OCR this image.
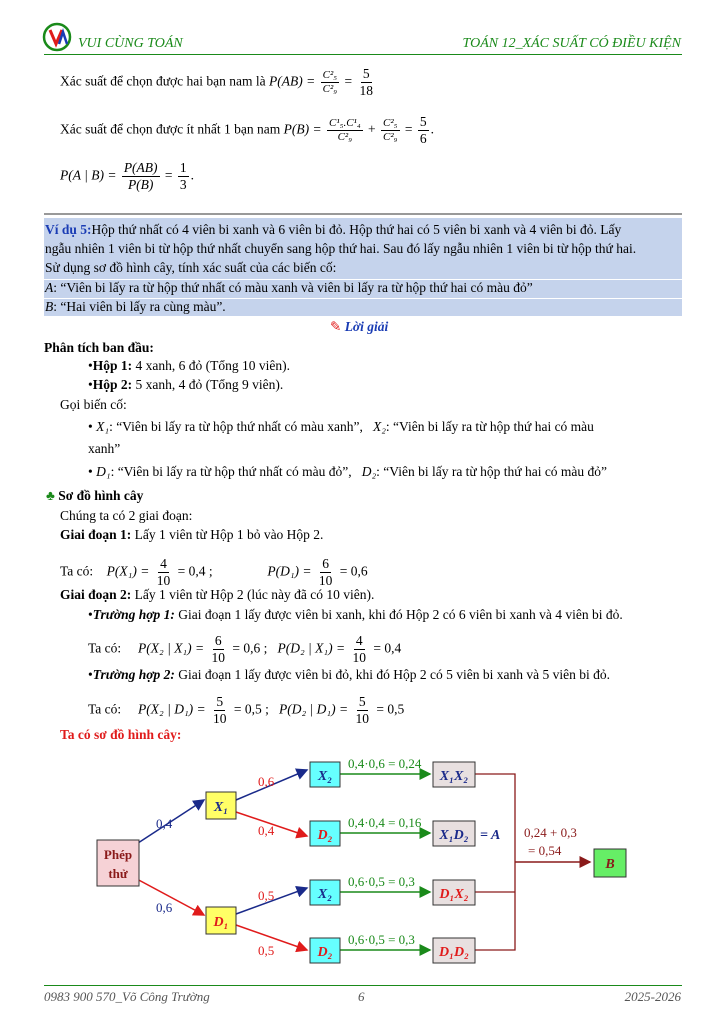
VUI CÙNG TOÁN	TOÁN 12_XÁC SUẤT CÓ ĐIỀU KIỆN
Xác suất để chọn được hai bạn nam là $P(AB) = \frac{\text{C²₅}}{\text{C²₉}} = \frac{5}{18}$
Xác suất để chọn được ít nhất 1 bạn nam $P(B) = \frac{\text{C¹₅.C¹₄}}{\text{C²₉}} + \frac{\text{C²₅}}{\text{C²₉}} = \frac{5}{6}$ .
P(A | $B) = \frac{P(AB)}{P(B)} = \frac{1}{3}$ .
Ví dụ 5:Hộp thứ nhất có 4 viên bi xanh và 6 viên bi đỏ. Hộp thứ hai có 5 viên bi xanh và 4 viên bi đỏ. Lấy
ngẫu nhiên 1 viên bi từ hộp thứ nhất chuyển sang hộp thứ hai. Sau đó lấy ngẫu nhiên 1 viên bi từ hộp thứ hai.
Sử dụng sơ đồ hình cây, tính xác suất của các biến cố:
A: “Viên bi lấy ra từ hộp thứ nhất có màu xanh và viên bi lấy ra từ hộp thứ hai có màu đỏ”
B: “Hai viên bi lấy ra cùng màu”.
✎ Lời giải
Phân tích ban đầu:
•Hộp 1: 4 xanh, 6 đỏ (Tổng 10 viên).
•Hộp 2: 5 xanh, 4 đỏ (Tổng 9 viên).
Gọi biến cố:
• X₁: “Viên bi lấy ra từ hộp thứ nhất có màu xanh”, X₂: “Viên bi lấy ra từ hộp thứ hai có màu
xanh”
• D₁: “Viên bi lấy ra từ hộp thứ nhất có màu đỏ”, D₂: “Viên bi lấy ra từ hộp thứ hai có màu đỏ”
♣ Sơ đồ hình cây
Chúng ta có 2 giai đoạn:
Giai đoạn 1: Lấy 1 viên từ Hộp 1 bỏ vào Hộp 2.
Ta có: $P(X_1) = \frac{4}{10} = 0,4$ ;	$P(D_1) = \frac{6}{10} = 0,6$
Giai đoạn 2: Lấy 1 viên từ Hộp 2 (lúc này đã có 10 viên).
•Trường hợp 1: Giai đoạn 1 lấy được viên bi xanh, khi đó Hộp 2 có 6 viên bi xanh và 4 viên bi đỏ.
Ta có: P(X₂ | $X_1) = \frac{6}{10} = 0,6$ ; P(D₂ | $X_1) = \frac{4}{10} = 0,4$
•Trường hợp 2: Giai đoạn 1 lấy được viên bi đỏ, khi đó Hộp 2 có 5 viên bi xanh và 5 viên bi đỏ.
Ta có: P(X₂ | $D_1) = \frac{5}{10} = 0,5$ ; P(D₂ | $D_1) = \frac{5}{10} = 0,5$
Ta có sơ đồ hình cây:
Phép
thử
X₁
D₁
X₂
D₂
X₂
D₂
X₁X₂
X₁D₂ = A
D₁X₂
D₁D₂
B
0,4
0,6
0,6
0,4
0,5
0,5
0,4·0,6 = 0,24
0,4·0,4 = 0,16
0,6·0,5 = 0,3
0,6·0,5 = 0,3
0,24 + 0,3
= 0,54
0983 900 570_Võ Công Trường	6	2025-2026
